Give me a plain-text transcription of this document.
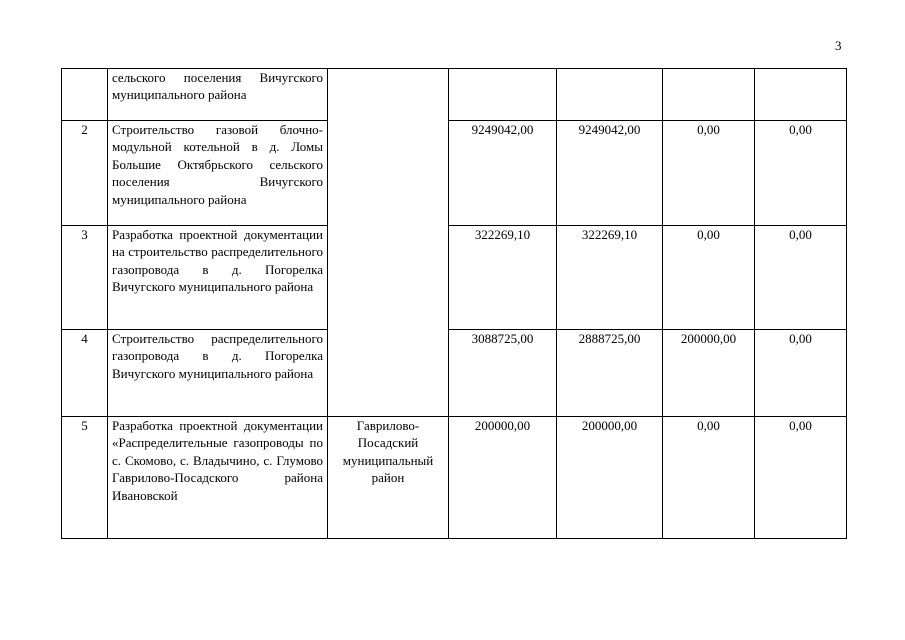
3
	сельского поселения Вичугского муниципального района					
2	Строительство газовой блочно-модульной котельной в д. Ломы Большие Октябрьского сельского поселения Вичугского муниципального района		9249042,00	9249042,00	0,00	0,00
3	Разработка проектной документации на строительство распределительного газопровода в д. Погорелка Вичугского муниципального района		322269,10	322269,10	0,00	0,00
4	Строительство распределительного газопровода в д. Погорелка Вичугского муниципального района		3088725,00	2888725,00	200000,00	0,00
5	Разработка проектной документации «Распределительные газопроводы по с. Скомово, с. Владычино, с. Глумово Гаврилово-Посадского района Ивановской	Гаврилово-Посадский муниципальный район	200000,00	200000,00	0,00	0,00
